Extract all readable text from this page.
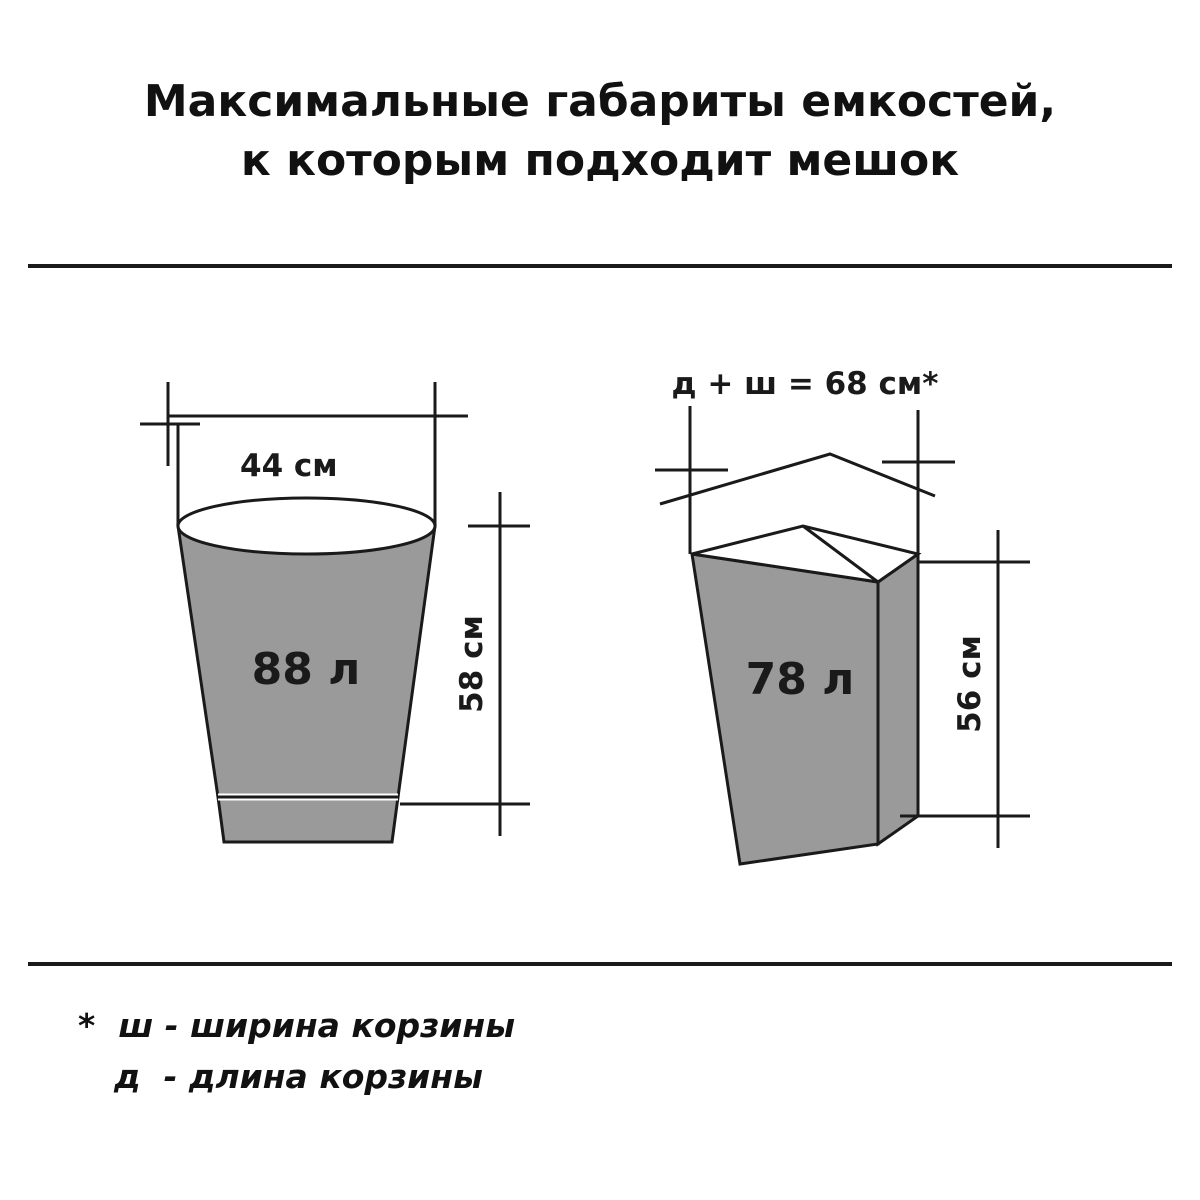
Максимальные габариты емкостей,
к которым подходит мешок
44 см
58 см
88 л
д + ш = 68 см*
56 см
78 л
*  ш - ширина корзины
д  - длина корзины
